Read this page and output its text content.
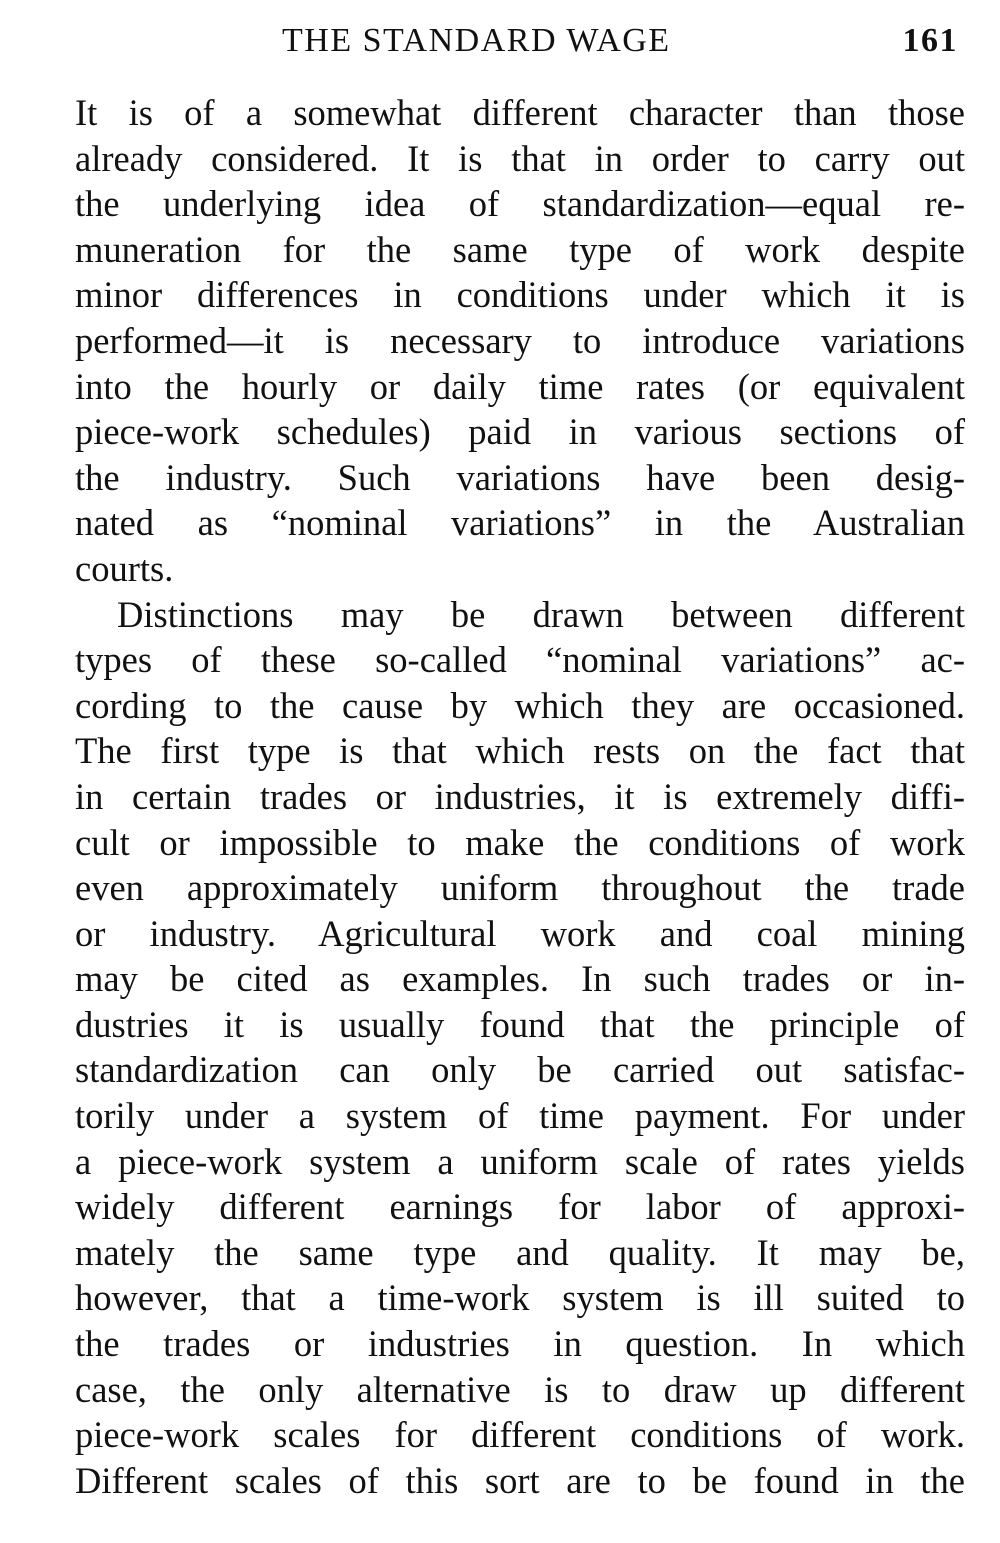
THE STANDARD WAGE	161
It is of a somewhat different character than those
already considered. It is that in order to carry out
the underlying idea of standardization—equal re-
muneration for the same type of work despite
minor differences in conditions under which it is
performed—it is necessary to introduce variations
into the hourly or daily time rates (or equivalent
piece-work schedules) paid in various sections of
the industry. Such variations have been desig-
nated as “nominal variations” in the Australian
courts.
Distinctions may be drawn between different
types of these so-called “nominal variations” ac-
cording to the cause by which they are occasioned.
The first type is that which rests on the fact that
in certain trades or industries, it is extremely diffi-
cult or impossible to make the conditions of work
even approximately uniform throughout the trade
or industry. Agricultural work and coal mining
may be cited as examples. In such trades or in-
dustries it is usually found that the principle of
standardization can only be carried out satisfac-
torily under a system of time payment. For under
a piece-work system a uniform scale of rates yields
widely different earnings for labor of approxi-
mately the same type and quality. It may be,
however, that a time-work system is ill suited to
the trades or industries in question. In which
case, the only alternative is to draw up different
piece-work scales for different conditions of work.
Different scales of this sort are to be found in the
